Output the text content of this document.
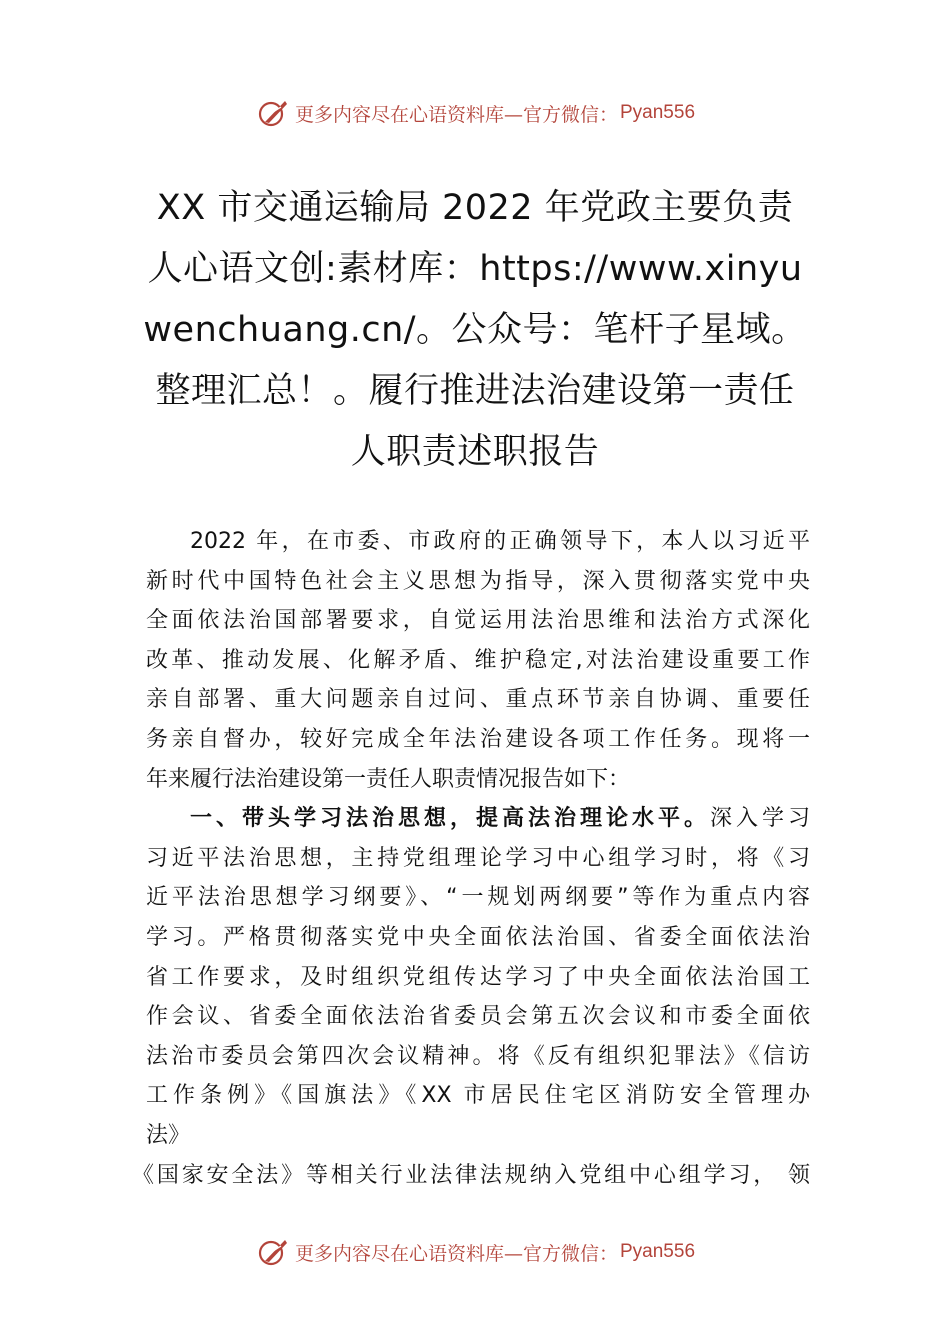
更多内容尽在心语资料库—官方微信： Pyan556
XX 市交通运输局 2022 年党政主要负责
人心语文创:素材库：https://www.xinyu
wenchuang.cn/。公众号：笔杆子星域。
整理汇总！。履行推进法治建设第一责任
人职责述职报告
2022 年，在市委、市政府的正确领导下，本人以习近平
新时代中国特色社会主义思想为指导，深入贯彻落实党中央
全面依法治国部署要求，自觉运用法治思维和法治方式深化
改革、推动发展、化解矛盾、维护稳定,对法治建设重要工作
亲自部署、重大问题亲自过问、重点环节亲自协调、重要任
务亲自督办，较好完成全年法治建设各项工作任务。现将一
年来履行法治建设第一责任人职责情况报告如下：
一、带头学习法治思想，提高法治理论水平。深入学习
习近平法治思想，主持党组理论学习中心组学习时，将《习
近平法治思想学习纲要》、“一规划两纲要”等作为重点内容
学习。严格贯彻落实党中央全面依法治国、省委全面依法治
省工作要求，及时组织党组传达学习了中央全面依法治国工
作会议、省委全面依法治省委员会第五次会议和市委全面依
法治市委员会第四次会议精神。将《反有组织犯罪法》《信访
工作条例》《国旗法》《XX 市居民住宅区消防安全管理办
法》
《国家安全法》等相关行业法律法规纳入党组中心组学习， 领
更多内容尽在心语资料库—官方微信： Pyan556
